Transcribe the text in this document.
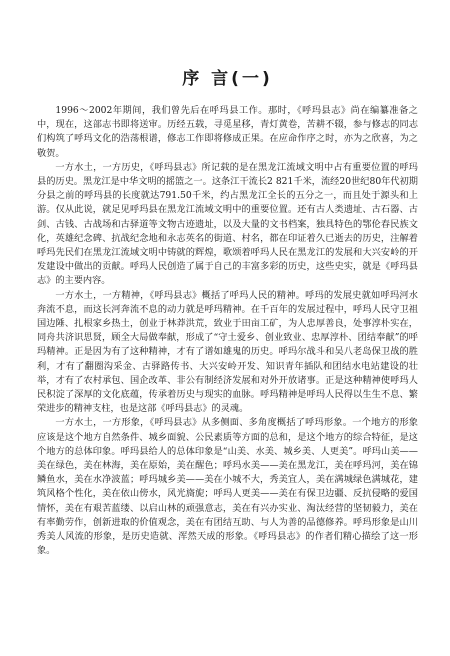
序 言(一)

1996～2002年期间，我们曾先后在呼玛县工作。那时，《呼玛县志》尚在编纂准备之中，现在，这部志书即将送审。历经五载，寻觅星移，青灯黄卷，苦耕不辍，参与修志的同志们构筑了呼玛文化的浩荡根谱，修志工作即将修成正果。在应命作序之时，亦为之欣喜，为之敬贺。

一方水土，一方历史，《呼玛县志》所记载的是在黑龙江流域文明中占有重要位置的呼玛县的历史。黑龙江是中华文明的摇篮之一。这条江干流长2 821千米，流经20世纪80年代初期分县之前的呼玛县的长度就达791.50千米，约占黑龙江全长的五分之一，而且处于源头和上游。仅从此说，就足见呼玛县在黑龙江流域文明中的重要位置。还有古人类遗址、古石器、古剑、古钱、古战场和古驿道等文物古迹遗址，以及大量的文书档案，独具特色的鄂伦春民族文化，英雄纪念碑、抗战纪念地和永志英名的街道、村名，都在印证着久已逝去的历史，注解着呼玛先民们在黑龙江流域文明中铸就的辉煌，歌颂着呼玛人民在黑龙江的发展和大兴安岭的开发建设中做出的贡献。呼玛人民创造了属于自己的丰富多彩的历史，这些史实，就是《呼玛县志》的主要内容。

一方水土，一方精神，《呼玛县志》概括了呼玛人民的精神。呼玛的发展史就如呼玛河水奔流不息，而这长河奔流不息的动力就是呼玛精神。在千百年的发展过程中，呼玛人民守卫祖国边陲、扎根家乡热土，创业于林莽洪荒，致业于田亩工矿，为人忠厚善良，处事淳朴实在，同舟共济识思贤，顾全大局做奉献，形成了“守土爱乡、创业致业、忠厚淳朴、团结奉献”的呼玛精神。正是因为有了这种精神，才有了谱如雄鬼的历史。呼玛尔战斗和吴八老岛保卫战的胜利，才有了翻圈沟采金、古驿路传书、大兴安岭开发、知识青年插队和团结水电站建设的壮举，才有了农村承包、国企改革、非公有制经济发展和对外开放诸事。正是这种精神使呼玛人民积淀了深厚的文化底蕴，传承着历史与现实的血脉。呼玛精神是呼玛人民得以生生不息、繁荣进步的精神支柱，也是这部《呼玛县志》的灵魂。

一方水土，一方形象，《呼玛县志》从多侧面、多角度概括了呼玛形象。一个地方的形象应该是这个地方自然条件、城乡面貌、公民素质等方面的总和，是这个地方的综合特征，是这个地方的总体印象。呼玛县给人的总体印象是“山美、水美、城乡美、人更美”。呼玛山美——美在绿色，美在林海，美在原始，美在醒色；呼玛水美——美在黑龙江，美在呼玛河，美在锦鳞鱼水，美在水净波蓝；呼玛城乡美——美在小城不大，秀美宜人，美在满城绿色满城花，建筑风格个性化，美在依山傍水，风光旖旎；呼玛人更美——美在有保卫边疆、反抗侵略的爱国情怀，美在有艰苦蓝缕、以启山林的顽强意志，美在有兴办实业、淘汰经营的坚韧毅力，美在有率勤劳作，创新进取的价值观念，美在有团结互助、与人为善的品德修养。呼玛形象是山川秀美人风流的形象，是历史造就、浑然天成的形象。《呼玛县志》的作者们精心描绘了这一形象。
